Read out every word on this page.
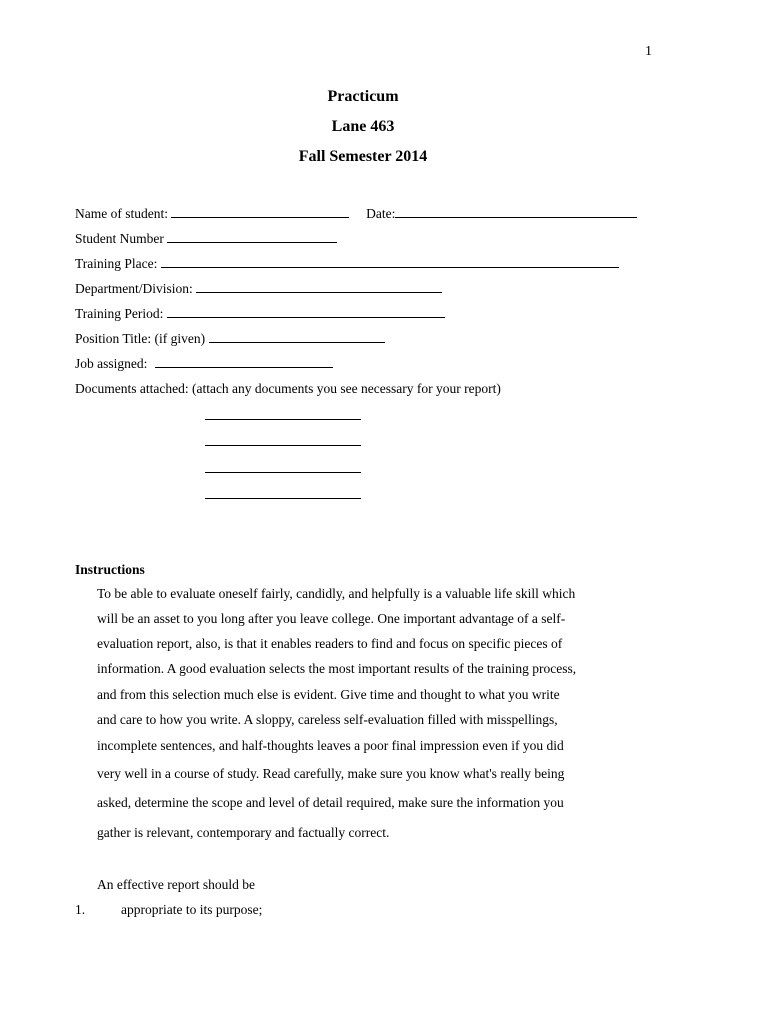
1
Practicum
Lane 463
Fall Semester 2014
Name of student:	Date:
Student Number
Training Place:
Department/Division:
Training Period:
Position Title: (if given)
Job assigned:
Documents attached: (attach any documents you see necessary for your report)
Instructions
To be able to evaluate oneself fairly, candidly, and helpfully is a valuable life skill which
will be an asset to you long after you leave college. One important advantage of a self-
evaluation report, also, is that it enables readers to find and focus on specific pieces of
information. A good evaluation selects the most important results of the training process,
and from this selection much else is evident. Give time and thought to what you write
and care to how you write. A sloppy, careless self-evaluation filled with misspellings,
incomplete sentences, and half-thoughts leaves a poor final impression even if you did
very well in a course of study. Read carefully, make sure you know what's really being
asked, determine the scope and level of detail required, make sure the information you
gather is relevant, contemporary and factually correct.
An effective report should be
1.	appropriate to its purpose;
